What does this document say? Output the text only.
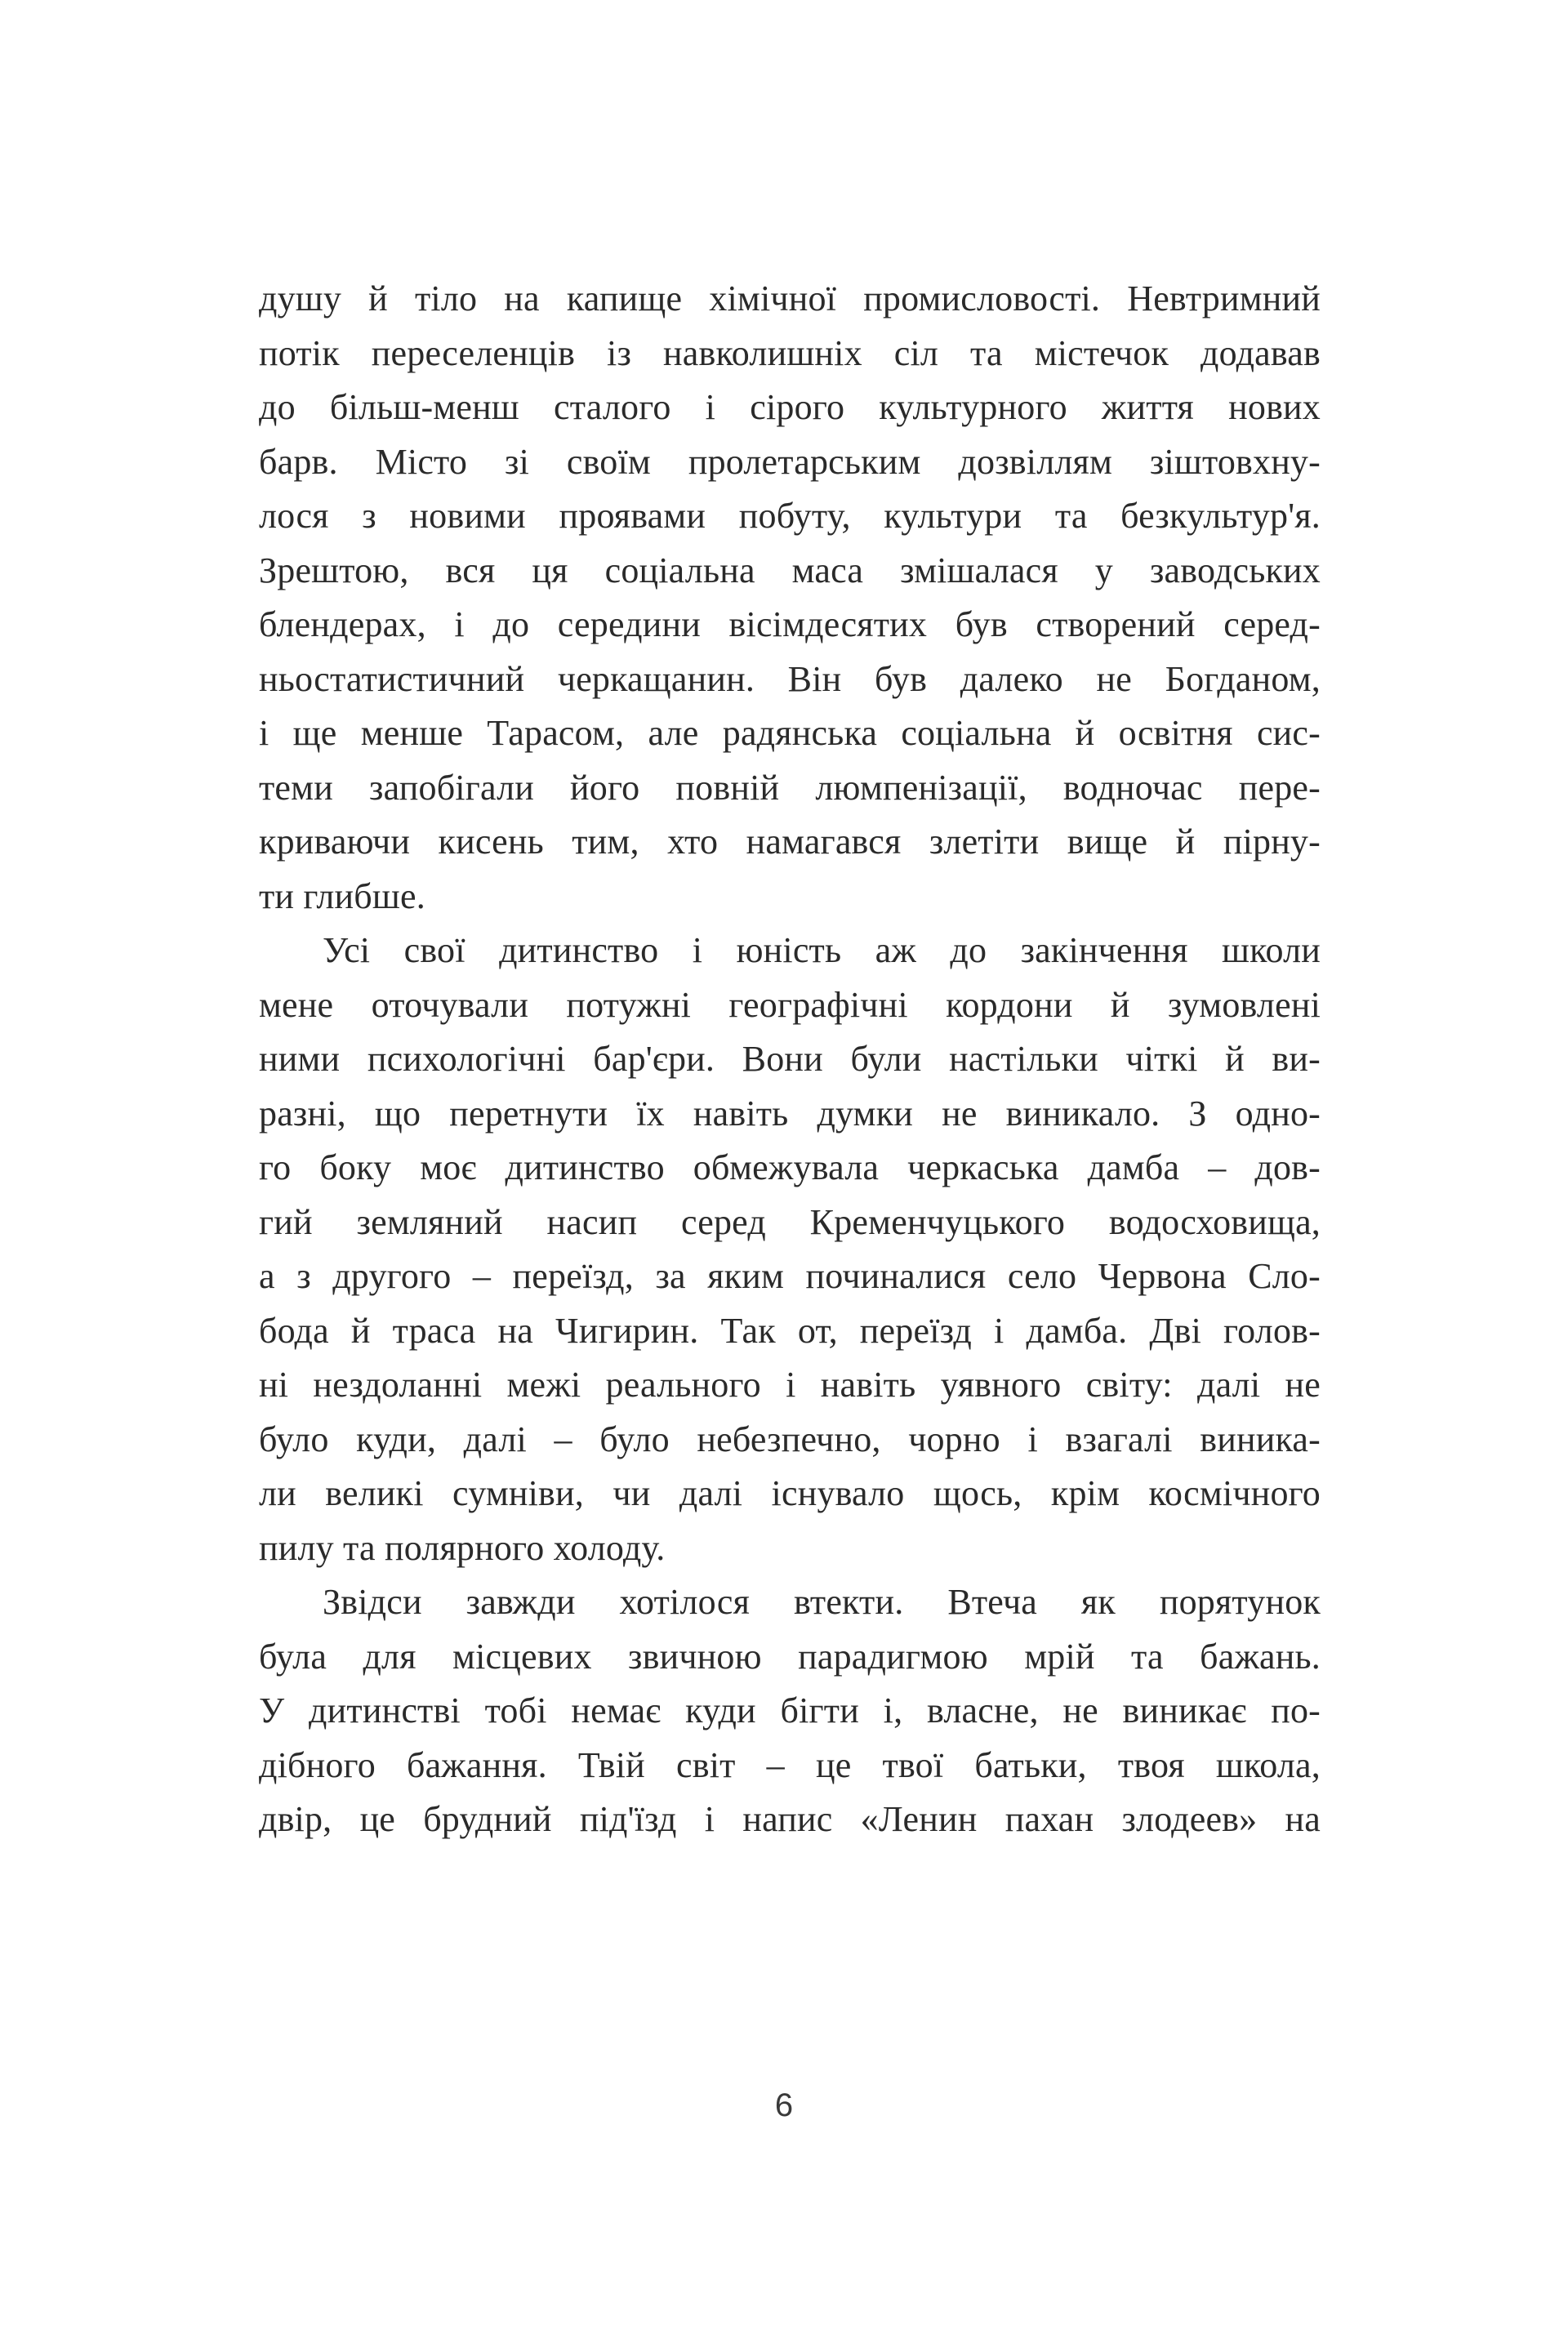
душу й тіло на капище хімічної промисловості. Невтримний
потік переселенців із навколишніх сіл та містечок додавав
до більш-менш сталого і сірого культурного життя нових
барв. Місто зі своїм пролетарським дозвіллям зіштовхну-
лося з новими проявами побуту, культури та безкультур'я.
Зрештою, вся ця соціальна маса змішалася у заводських
блендерах, і до середини вісімдесятих був створений серед-
ньостатистичний черкащанин. Він був далеко не Богданом,
і ще менше Тарасом, але радянська соціальна й освітня сис-
теми запобігали його повній люмпенізації, водночас пере-
криваючи кисень тим, хто намагався злетіти вище й пірну-
ти глибше.
Усі свої дитинство і юність аж до закінчення школи
мене оточували потужні географічні кордони й зумовлені
ними психологічні бар'єри. Вони були настільки чіткі й ви-
разні, що перетнути їх навіть думки не виникало. З одно-
го боку моє дитинство обмежувала черкаська дамба – дов-
гий земляний насип серед Кременчуцького водосховища,
а з другого – переїзд, за яким починалися село Червона Сло-
бода й траса на Чигирин. Так от, переїзд і дамба. Дві голов-
ні нездоланні межі реального і навіть уявного світу: далі не
було куди, далі – було небезпечно, чорно і взагалі виника-
ли великі сумніви, чи далі існувало щось, крім космічного
пилу та полярного холоду.
Звідси завжди хотілося втекти. Втеча як порятунок
була для місцевих звичною парадигмою мрій та бажань.
У дитинстві тобі немає куди бігти і, власне, не виникає по-
дібного бажання. Твій світ – це твої батьки, твоя школа,
двір, це брудний під'їзд і напис «Ленин пахан злодеев» на
6
